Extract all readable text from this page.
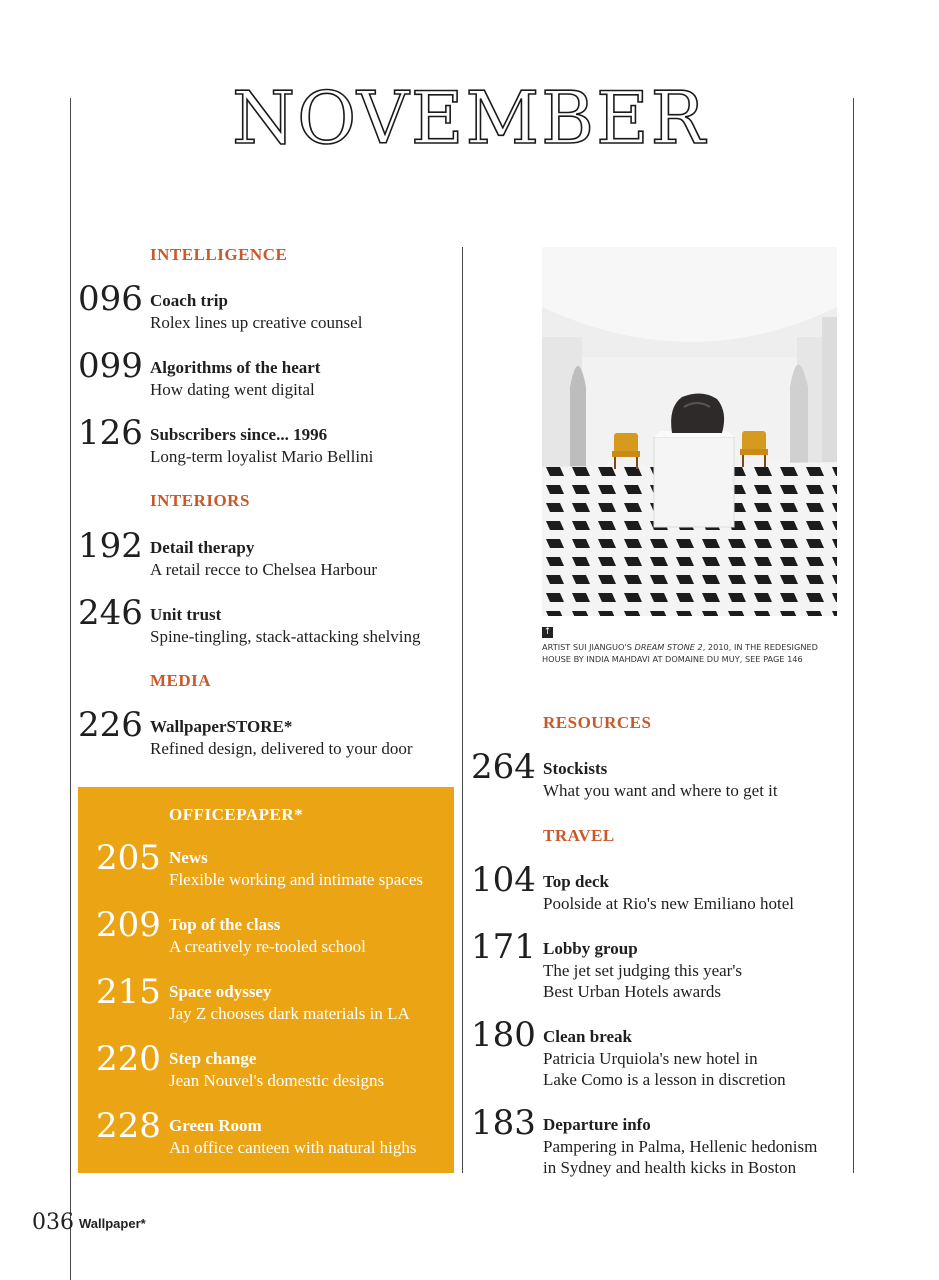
NOVEMBER
INTELLIGENCE
096 Coach trip
Rolex lines up creative counsel
099 Algorithms of the heart
How dating went digital
126 Subscribers since... 1996
Long-term loyalist Mario Bellini
INTERIORS
192 Detail therapy
A retail recce to Chelsea Harbour
246 Unit trust
Spine-tingling, stack-attacking shelving
MEDIA
226 WallpaperSTORE*
Refined design, delivered to your door
OFFICEPAPER*
205 News
Flexible working and intimate spaces
209 Top of the class
A creatively re-tooled school
215 Space odyssey
Jay Z chooses dark materials in LA
220 Step change
Jean Nouvel's domestic designs
228 Green Room
An office canteen with natural highs
↑
ARTIST SUI JIANGUO'S DREAM STONE 2, 2010, IN THE REDESIGNED HOUSE BY INDIA MAHDAVI AT DOMAINE DU MUY, SEE PAGE 146
RESOURCES
264 Stockists
What you want and where to get it
TRAVEL
104 Top deck
Poolside at Rio's new Emiliano hotel
171 Lobby group
The jet set judging this year's
Best Urban Hotels awards
180 Clean break
Patricia Urquiola's new hotel in
Lake Como is a lesson in discretion
183 Departure info
Pampering in Palma, Hellenic hedonism
in Sydney and health kicks in Boston
036 Wallpaper*
